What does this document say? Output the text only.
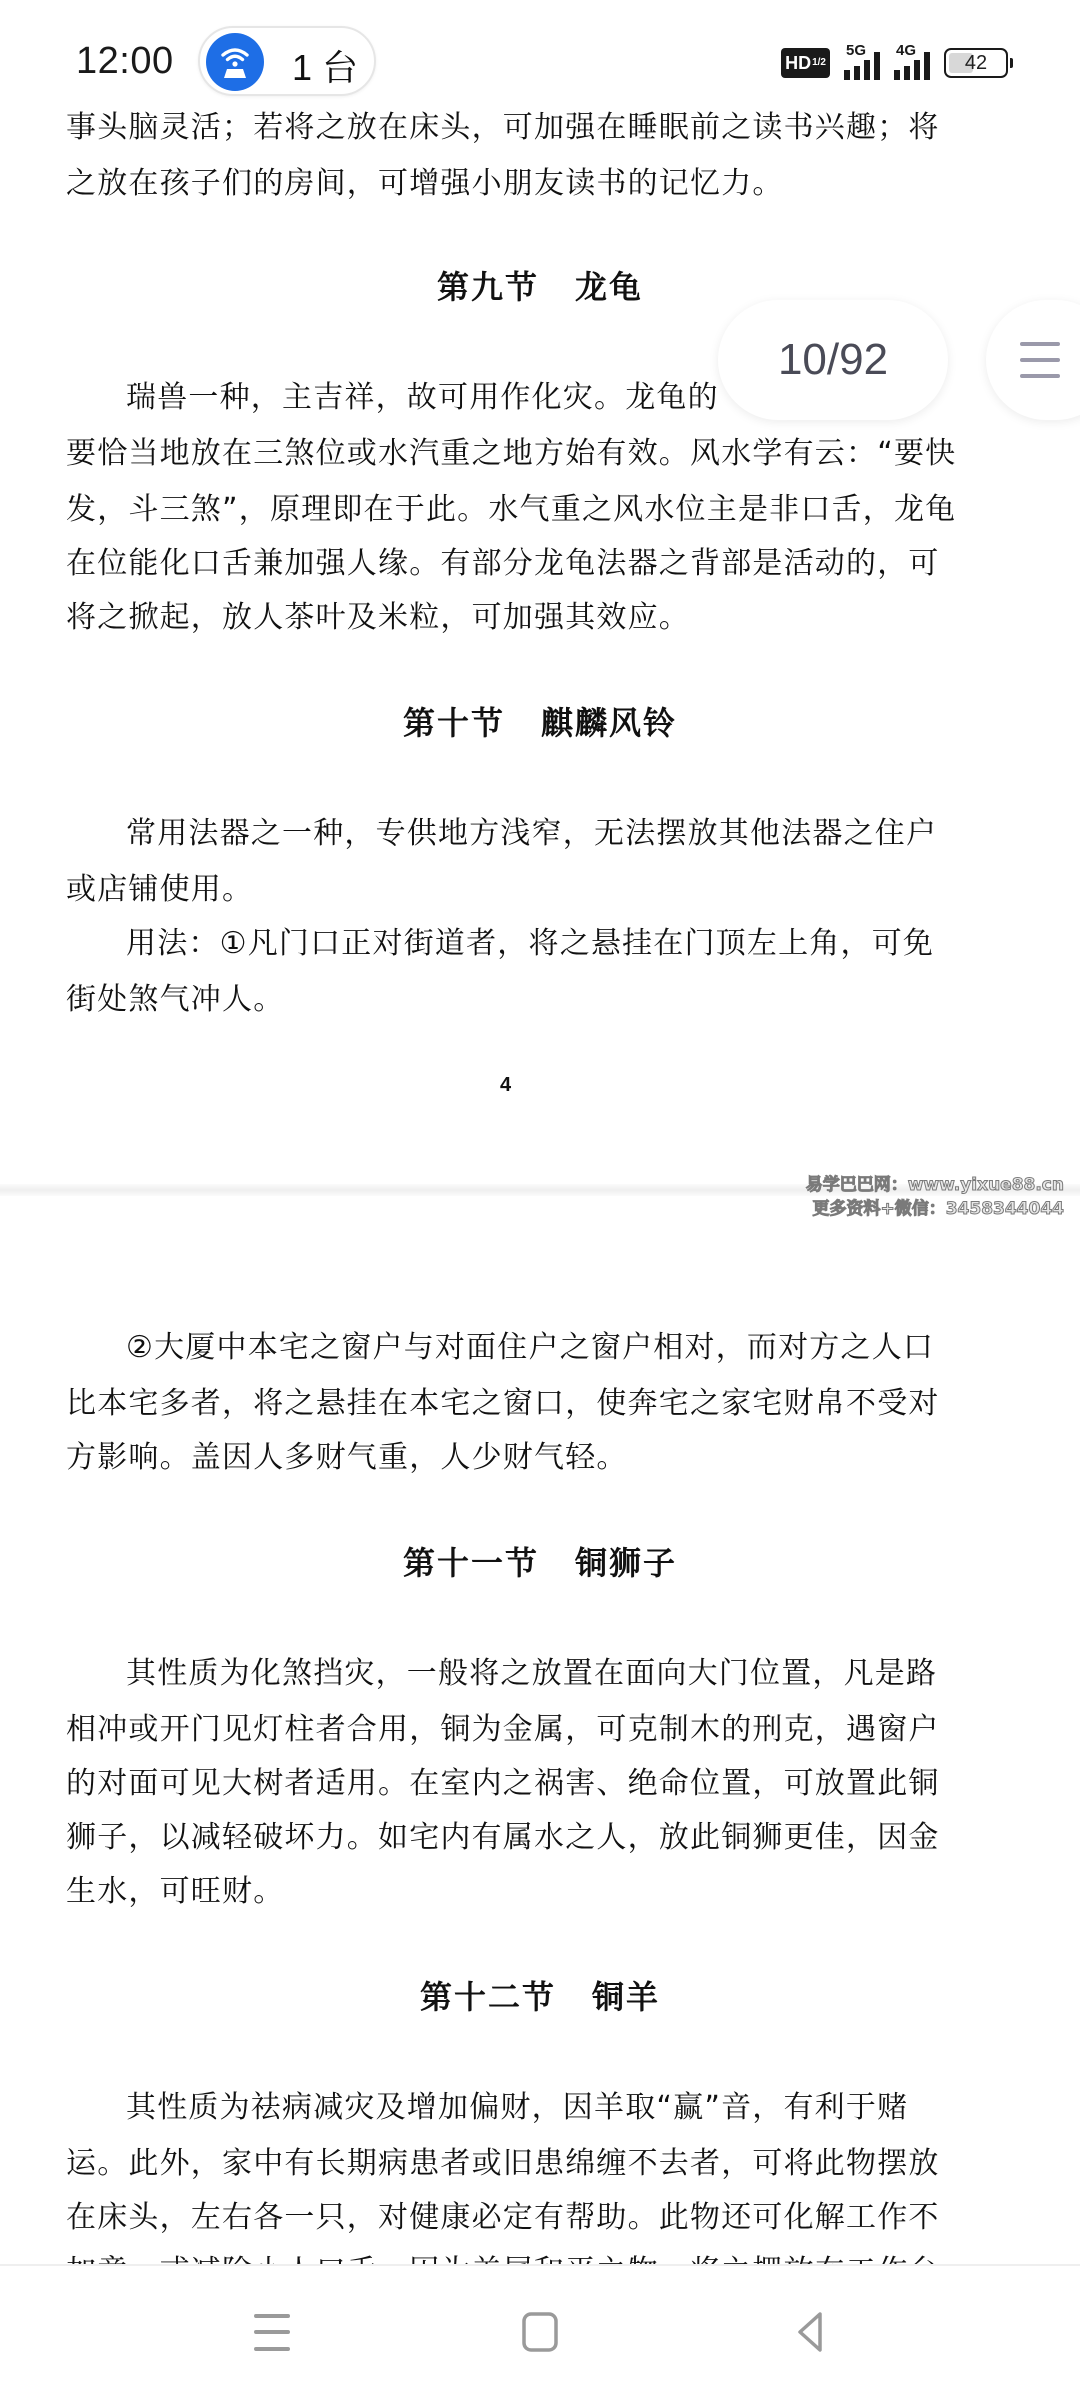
事头脑灵活；若将之放在床头，可加强在睡眠前之读书兴趣；将
之放在孩子们的房间，可增强小朋友读书的记忆力。
第九节 龙龟
瑞兽一种，主吉祥，故可用作化灾。龙龟的
要恰当地放在三煞位或水汽重之地方始有效。风水学有云：“要快
发，斗三煞”，原理即在于此。水气重之风水位主是非口舌，龙龟
在位能化口舌兼加强人缘。有部分龙龟法器之背部是活动的，可
将之掀起，放人茶叶及米粒，可加强其效应。
第十节 麒麟风铃
常用法器之一种，专供地方浅窄，无法摆放其他法器之住户
或店铺使用。
用法：①凡门口正对街道者，将之悬挂在门顶左上角，可免
街处煞气冲人。
4
易学巴巴网：www.yixue88.cn
更多资料+微信：3458344044
②大厦中本宅之窗户与对面住户之窗户相对，而对方之人口
比本宅多者，将之悬挂在本宅之窗口，使奔宅之家宅财帛不受对
方影响。盖因人多财气重，人少财气轻。
第十一节 铜狮子
其性质为化煞挡灾，一般将之放置在面向大门位置，凡是路
相冲或开门见灯柱者合用，铜为金属，可克制木的刑克，遇窗户
的对面可见大树者适用。在室内之祸害、绝命位置，可放置此铜
狮子，以减轻破坏力。如宅内有属水之人，放此铜狮更佳，因金
生水，可旺财。
第十二节 铜羊
其性质为祛病减灾及增加偏财，因羊取“赢”音，有利于赌
运。此外，家中有长期病患者或旧患绵缠不去者，可将此物摆放
在床头，左右各一只，对健康必定有帮助。此物还可化解工作不
12:00	1 台	HD 1/2
5G 4G
42
10/92
